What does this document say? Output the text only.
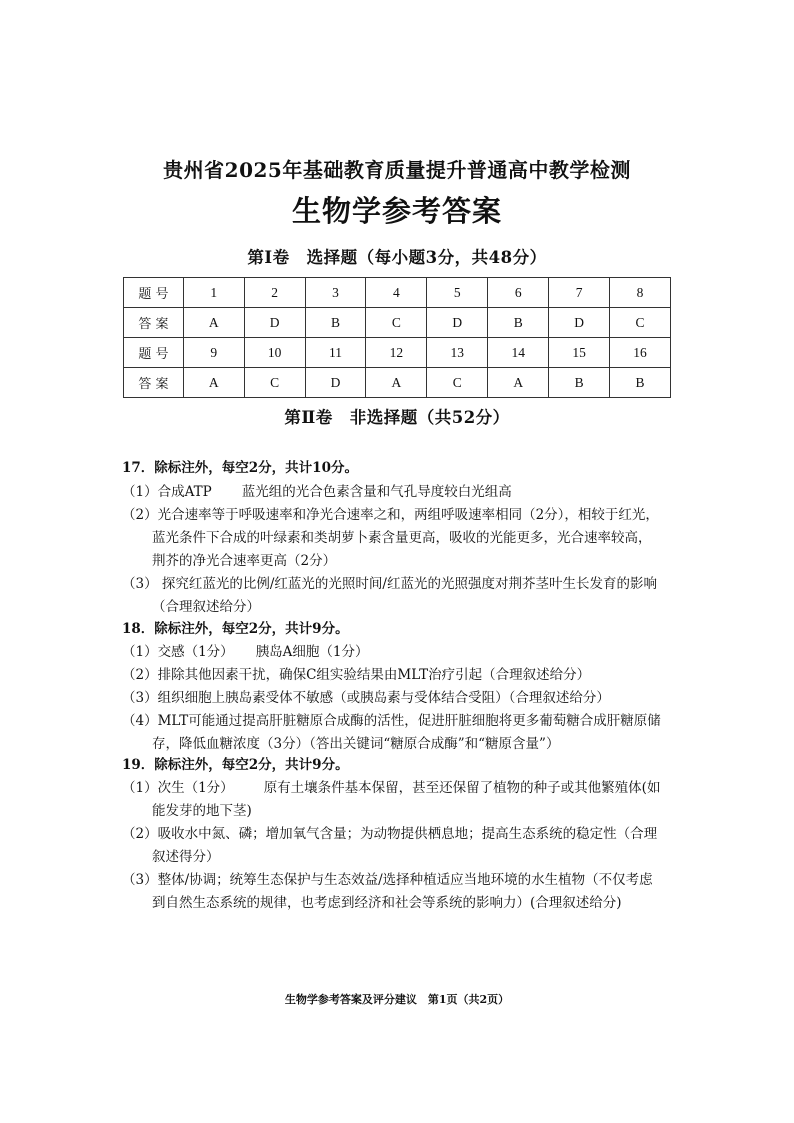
贵州省2025年基础教育质量提升普通高中教学检测
生物学参考答案
第Ⅰ卷　选择题（每小题3分，共48分）
题 号	1	2	3	4	5	6	7	8
答 案	A	D	B	C	D	B	D	C
题 号	9	10	11	12	13	14	15	16
答 案	A	C	D	A	C	A	B	B
第Ⅱ卷　非选择题（共52分）
17．除标注外，每空2分，共计10分。
（1）合成ATP 蓝光组的光合色素含量和气孔导度较白光组高
（2）光合速率等于呼吸速率和净光合速率之和，两组呼吸速率相同（2分），相较于红光，
蓝光条件下合成的叶绿素和类胡萝卜素含量更高，吸收的光能更多，光合速率较高，
荆芥的净光合速率更高（2分）
（3） 探究红蓝光的比例/红蓝光的光照时间/红蓝光的光照强度对荆芥茎叶生长发育的影响
（合理叙述给分）
18．除标注外，每空2分，共计9分。
（1）交感（1分） 胰岛A细胞（1分）
（2）排除其他因素干扰，确保C组实验结果由MLT治疗引起（合理叙述给分）
（3）组织细胞上胰岛素受体不敏感（或胰岛素与受体结合受阻）（合理叙述给分）
（4）MLT可能通过提高肝脏糖原合成酶的活性，促进肝脏细胞将更多葡萄糖合成肝糖原储
存，降低血糖浓度（3分）（答出关键词“糖原合成酶”和“糖原含量”）
19．除标注外，每空2分，共计9分。
（1）次生（1分） 原有土壤条件基本保留，甚至还保留了植物的种子或其他繁殖体(如
能发芽的地下茎)
（2）吸收水中氮、磷；增加氧气含量；为动物提供栖息地；提高生态系统的稳定性（合理
叙述得分）
（3）整体/协调；统筹生态保护与生态效益/选择种植适应当地环境的水生植物（不仅考虑
到自然生态系统的规律，也考虑到经济和社会等系统的影响力）(合理叙述给分)
生物学参考答案及评分建议　第1页（共2页）
